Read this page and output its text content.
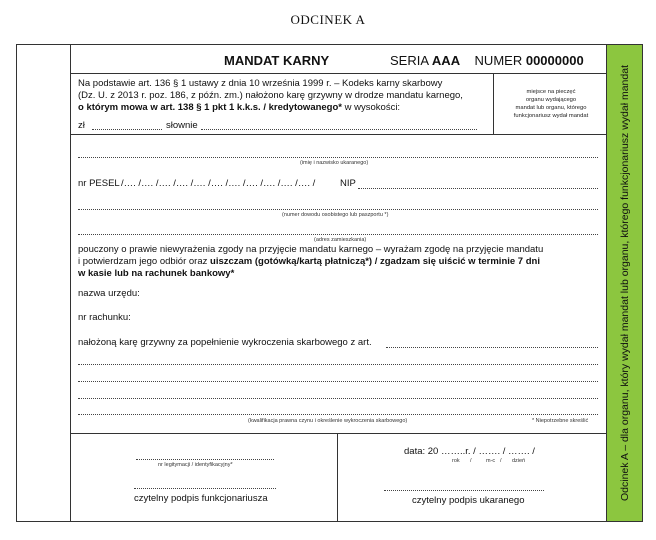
ODCINEK A
Odcinek A – dla organu, który wydał mandat lub organu, którego funkcjonariusz wydał mandat
MANDAT KARNY	SERIA AAA NUMER 00000000
Na podstawie art. 136 § 1 ustawy z dnia 10 września 1999 r. – Kodeks karny skarbowy
(Dz. U. z 2013 r. poz. 186, z późn. zm.) nałożono karę grzywny w drodze mandatu karnego,
o którym mowa w art. 138 § 1 pkt 1 k.k.s. / kredytowanego* w wysokości:
zł	słownie
miejsce na pieczęć
organu wydającego
mandat lub organu, którego
funkcjonariusz wydał mandat
(imię i nazwisko ukaranego)
nr PESEL /…. /…. /…. /…. /…. /…. /…. /…. /…. /…. /…. /	NIP
(numer dowodu osobistego lub paszportu *)
(adres zamieszkania)
pouczony o prawie niewyrażenia zgody na przyjęcie mandatu karnego – wyrażam zgodę na przyjęcie mandatu
i potwierdzam jego odbiór oraz uiszczam (gotówką/kartą płatniczą*) / zgadzam się uiścić w terminie 7 dni
w kasie lub na rachunek bankowy*
nazwa urzędu:
nr rachunku:
nałożoną karę grzywny za popełnienie wykroczenia skarbowego z art.
(kwalifikacja prawna czynu i określenie wykroczenia skarbowego)	* Niepotrzebne skreślić
nr legitymacji / identyfikacyjny*
czytelny podpis funkcjonariusza
data: 20 ……..r. / ……. / ……. /
rok /	m-c / dzień
czytelny podpis ukaranego
